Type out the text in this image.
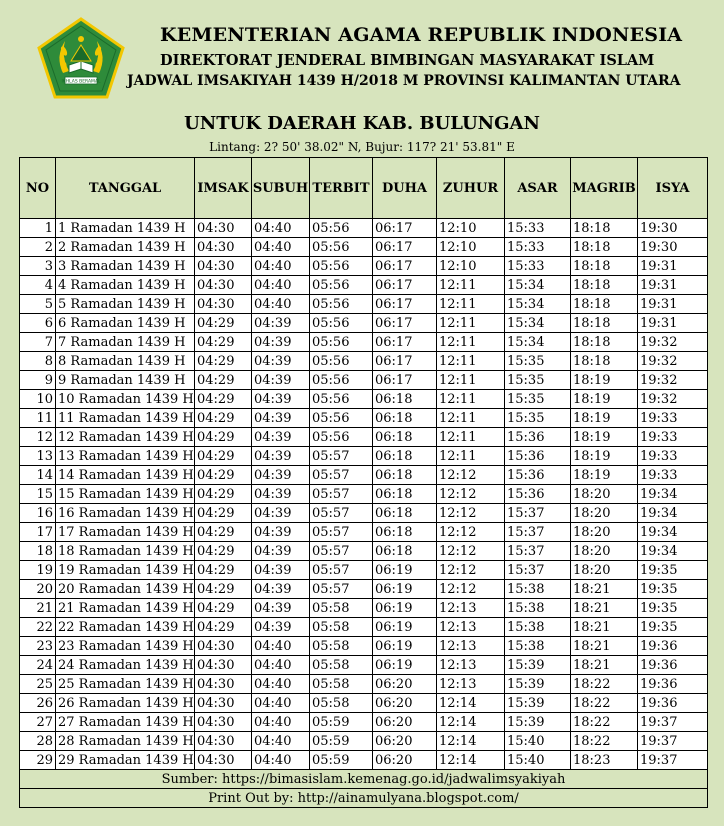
IKHLAS BERAMAL
KEMENTERIAN AGAMA REPUBLIK INDONESIA
DIREKTORAT JENDERAL BIMBINGAN MASYARAKAT ISLAM
JADWAL IMSAKIYAH 1439 H/2018 M PROVINSI KALIMANTAN UTARA
UNTUK DAERAH KAB. BULUNGAN
Lintang: 2? 50' 38.02" N, Bujur: 117? 21' 53.81" E
NO	TANGGAL	IMSAK	SUBUH	TERBIT	DUHA	ZUHUR	ASAR	MAGRIB	ISYA
1	1 Ramadan 1439 H	04:30	04:40	05:56	06:17	12:10	15:33	18:18	19:30
2	2 Ramadan 1439 H	04:30	04:40	05:56	06:17	12:10	15:33	18:18	19:30
3	3 Ramadan 1439 H	04:30	04:40	05:56	06:17	12:10	15:33	18:18	19:31
4	4 Ramadan 1439 H	04:30	04:40	05:56	06:17	12:11	15:34	18:18	19:31
5	5 Ramadan 1439 H	04:30	04:40	05:56	06:17	12:11	15:34	18:18	19:31
6	6 Ramadan 1439 H	04:29	04:39	05:56	06:17	12:11	15:34	18:18	19:31
7	7 Ramadan 1439 H	04:29	04:39	05:56	06:17	12:11	15:34	18:18	19:32
8	8 Ramadan 1439 H	04:29	04:39	05:56	06:17	12:11	15:35	18:18	19:32
9	9 Ramadan 1439 H	04:29	04:39	05:56	06:17	12:11	15:35	18:19	19:32
10	10 Ramadan 1439 H	04:29	04:39	05:56	06:18	12:11	15:35	18:19	19:32
11	11 Ramadan 1439 H	04:29	04:39	05:56	06:18	12:11	15:35	18:19	19:33
12	12 Ramadan 1439 H	04:29	04:39	05:56	06:18	12:11	15:36	18:19	19:33
13	13 Ramadan 1439 H	04:29	04:39	05:57	06:18	12:11	15:36	18:19	19:33
14	14 Ramadan 1439 H	04:29	04:39	05:57	06:18	12:12	15:36	18:19	19:33
15	15 Ramadan 1439 H	04:29	04:39	05:57	06:18	12:12	15:36	18:20	19:34
16	16 Ramadan 1439 H	04:29	04:39	05:57	06:18	12:12	15:37	18:20	19:34
17	17 Ramadan 1439 H	04:29	04:39	05:57	06:18	12:12	15:37	18:20	19:34
18	18 Ramadan 1439 H	04:29	04:39	05:57	06:18	12:12	15:37	18:20	19:34
19	19 Ramadan 1439 H	04:29	04:39	05:57	06:19	12:12	15:37	18:20	19:35
20	20 Ramadan 1439 H	04:29	04:39	05:57	06:19	12:12	15:38	18:21	19:35
21	21 Ramadan 1439 H	04:29	04:39	05:58	06:19	12:13	15:38	18:21	19:35
22	22 Ramadan 1439 H	04:29	04:39	05:58	06:19	12:13	15:38	18:21	19:35
23	23 Ramadan 1439 H	04:30	04:40	05:58	06:19	12:13	15:38	18:21	19:36
24	24 Ramadan 1439 H	04:30	04:40	05:58	06:19	12:13	15:39	18:21	19:36
25	25 Ramadan 1439 H	04:30	04:40	05:58	06:20	12:13	15:39	18:22	19:36
26	26 Ramadan 1439 H	04:30	04:40	05:58	06:20	12:14	15:39	18:22	19:36
27	27 Ramadan 1439 H	04:30	04:40	05:59	06:20	12:14	15:39	18:22	19:37
28	28 Ramadan 1439 H	04:30	04:40	05:59	06:20	12:14	15:40	18:22	19:37
29	29 Ramadan 1439 H	04:30	04:40	05:59	06:20	12:14	15:40	18:23	19:37
Sumber: https://bimasislam.kemenag.go.id/jadwalimsyakiyah									
Print Out by: http://ainamulyana.blogspot.com/									
